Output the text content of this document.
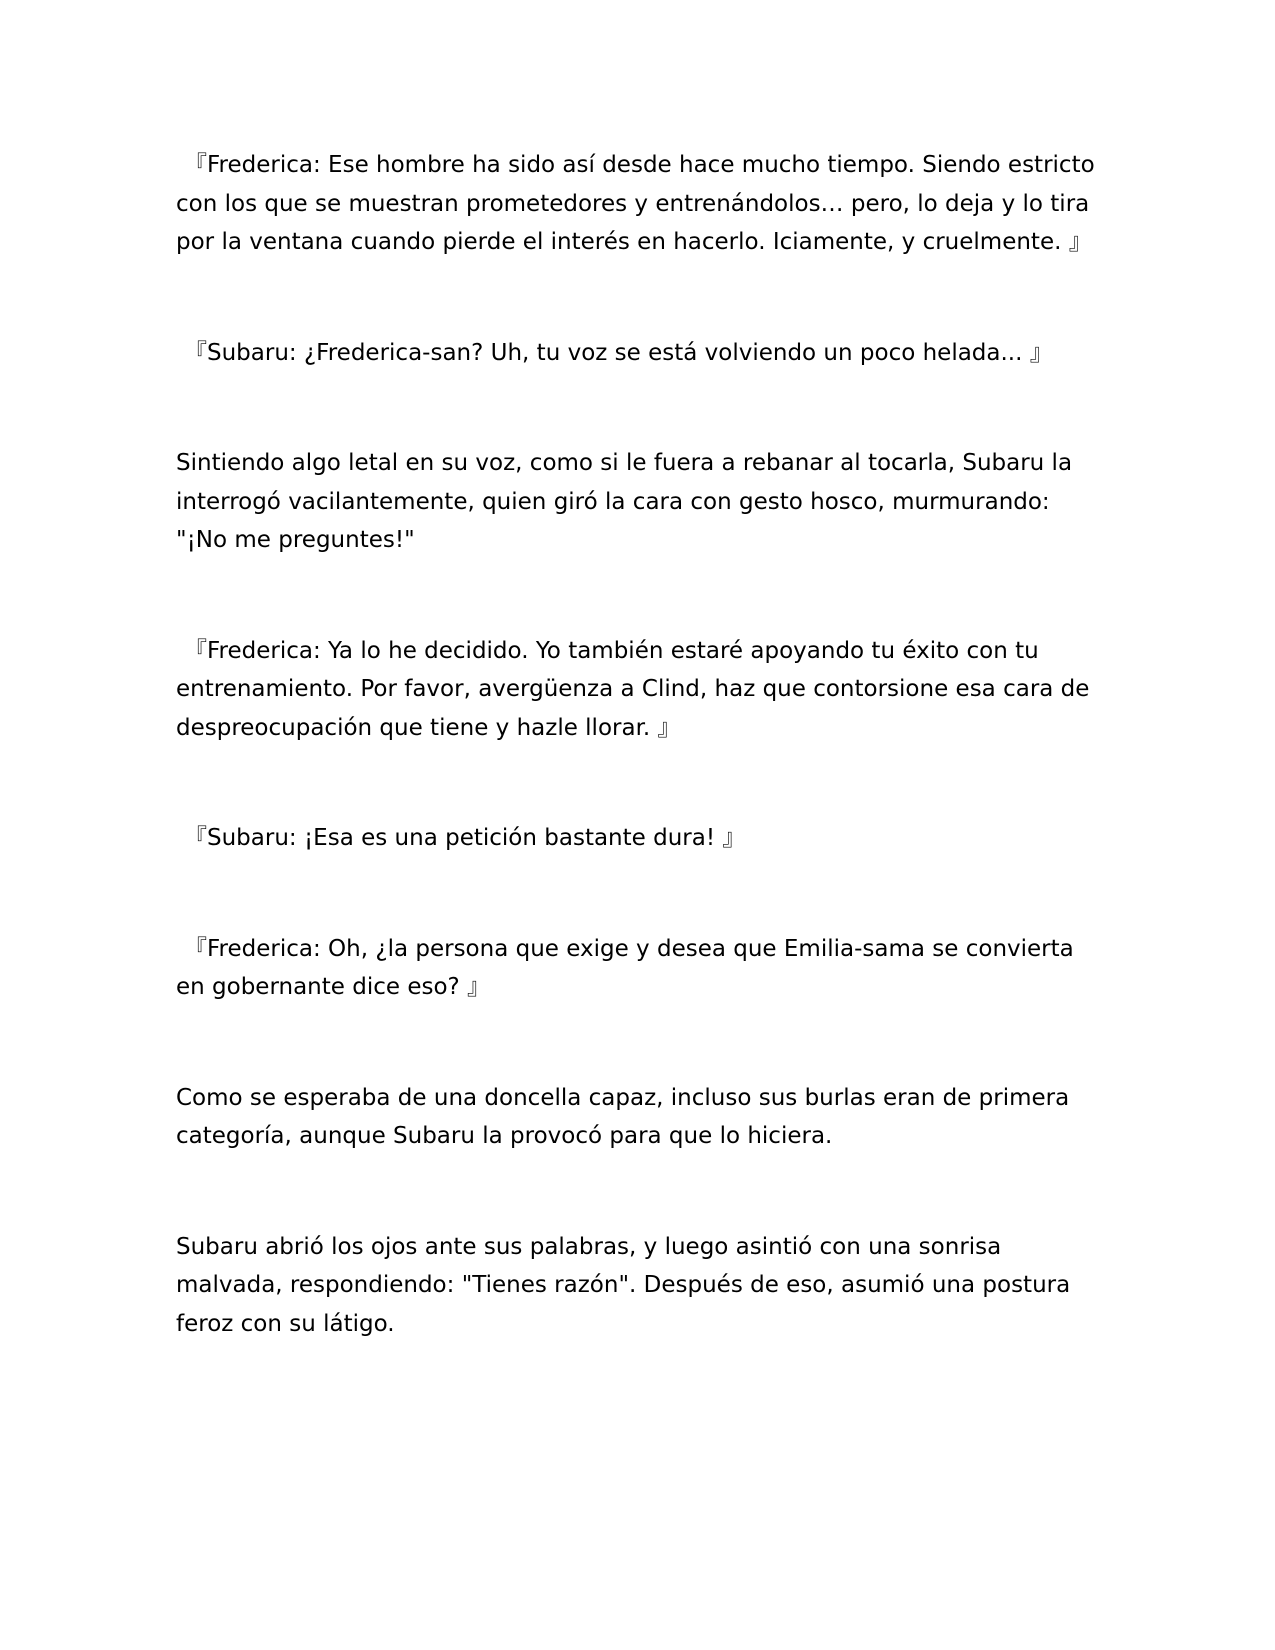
『Frederica: Ese hombre ha sido así desde hace mucho tiempo. Siendo estricto con los que se muestran prometedores y entrenándolos… pero, lo deja y lo tira por la ventana cuando pierde el interés en hacerlo. Iciamente, y cruelmente. 』

『Subaru: ¿Frederica-san? Uh, tu voz se está volviendo un poco helada... 』

Sintiendo algo letal en su voz, como si le fuera a rebanar al tocarla, Subaru la interrogó vacilantemente, quien giró la cara con gesto hosco, murmurando: "¡No me preguntes!"

『Frederica: Ya lo he decidido. Yo también estaré apoyando tu éxito con tu entrenamiento. Por favor, avergüenza a Clind, haz que contorsione esa cara de despreocupación que tiene y hazle llorar. 』

『Subaru: ¡Esa es una petición bastante dura! 』

『Frederica: Oh, ¿la persona que exige y desea que Emilia-sama se convierta en gobernante dice eso? 』

Como se esperaba de una doncella capaz, incluso sus burlas eran de primera categoría, aunque Subaru la provocó para que lo hiciera.

Subaru abrió los ojos ante sus palabras, y luego asintió con una sonrisa malvada, respondiendo: "Tienes razón". Después de eso, asumió una postura feroz con su látigo.
